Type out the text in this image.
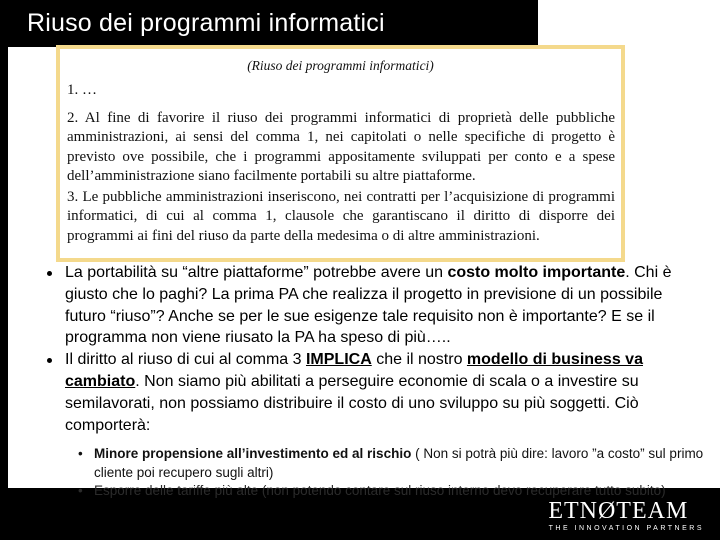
Riuso dei programmi informatici
(Riuso dei programmi informatici)
1. …
2. Al fine di favorire il riuso dei programmi informatici di proprietà delle pubbliche amministrazioni, ai sensi del comma 1, nei capitolati o nelle specifiche di progetto è previsto ove possibile, che i programmi appositamente sviluppati per conto e a spese dell’amministrazione siano facilmente portabili su altre piattaforme.
3. Le pubbliche amministrazioni inseriscono, nei contratti per l’acquisizione di programmi informatici, di cui al comma 1, clausole che garantiscano il diritto di disporre dei programmi ai fini del riuso da parte della medesima o di altre amministrazioni.
La portabilità su “altre piattaforme” potrebbe avere un costo molto importante. Chi è giusto che lo paghi? La prima PA che realizza il progetto in previsione di un possibile futuro “riuso”? Anche se per le sue esigenze tale requisito non è importante? E se il programma non viene riusato la PA ha speso di più…..
Il diritto al riuso di cui al comma 3 IMPLICA che il nostro modello di business va cambiato. Non siamo più abilitati a perseguire economie di scala o a investire su semilavorati, non possiamo distribuire il costo di uno sviluppo su più soggetti. Ciò comporterà:
ETNØTEAM
THE INNOVATION PARTNERS
• Minore propensione all’investimento ed al rischio ( Non si potrà più dire: lavoro ”a costo” sul primo cliente poi recupero sugli altri)
• Esporre delle tariffe più alte (non potendo contare sul riuso interno devo recuperare tutto subito)
17
